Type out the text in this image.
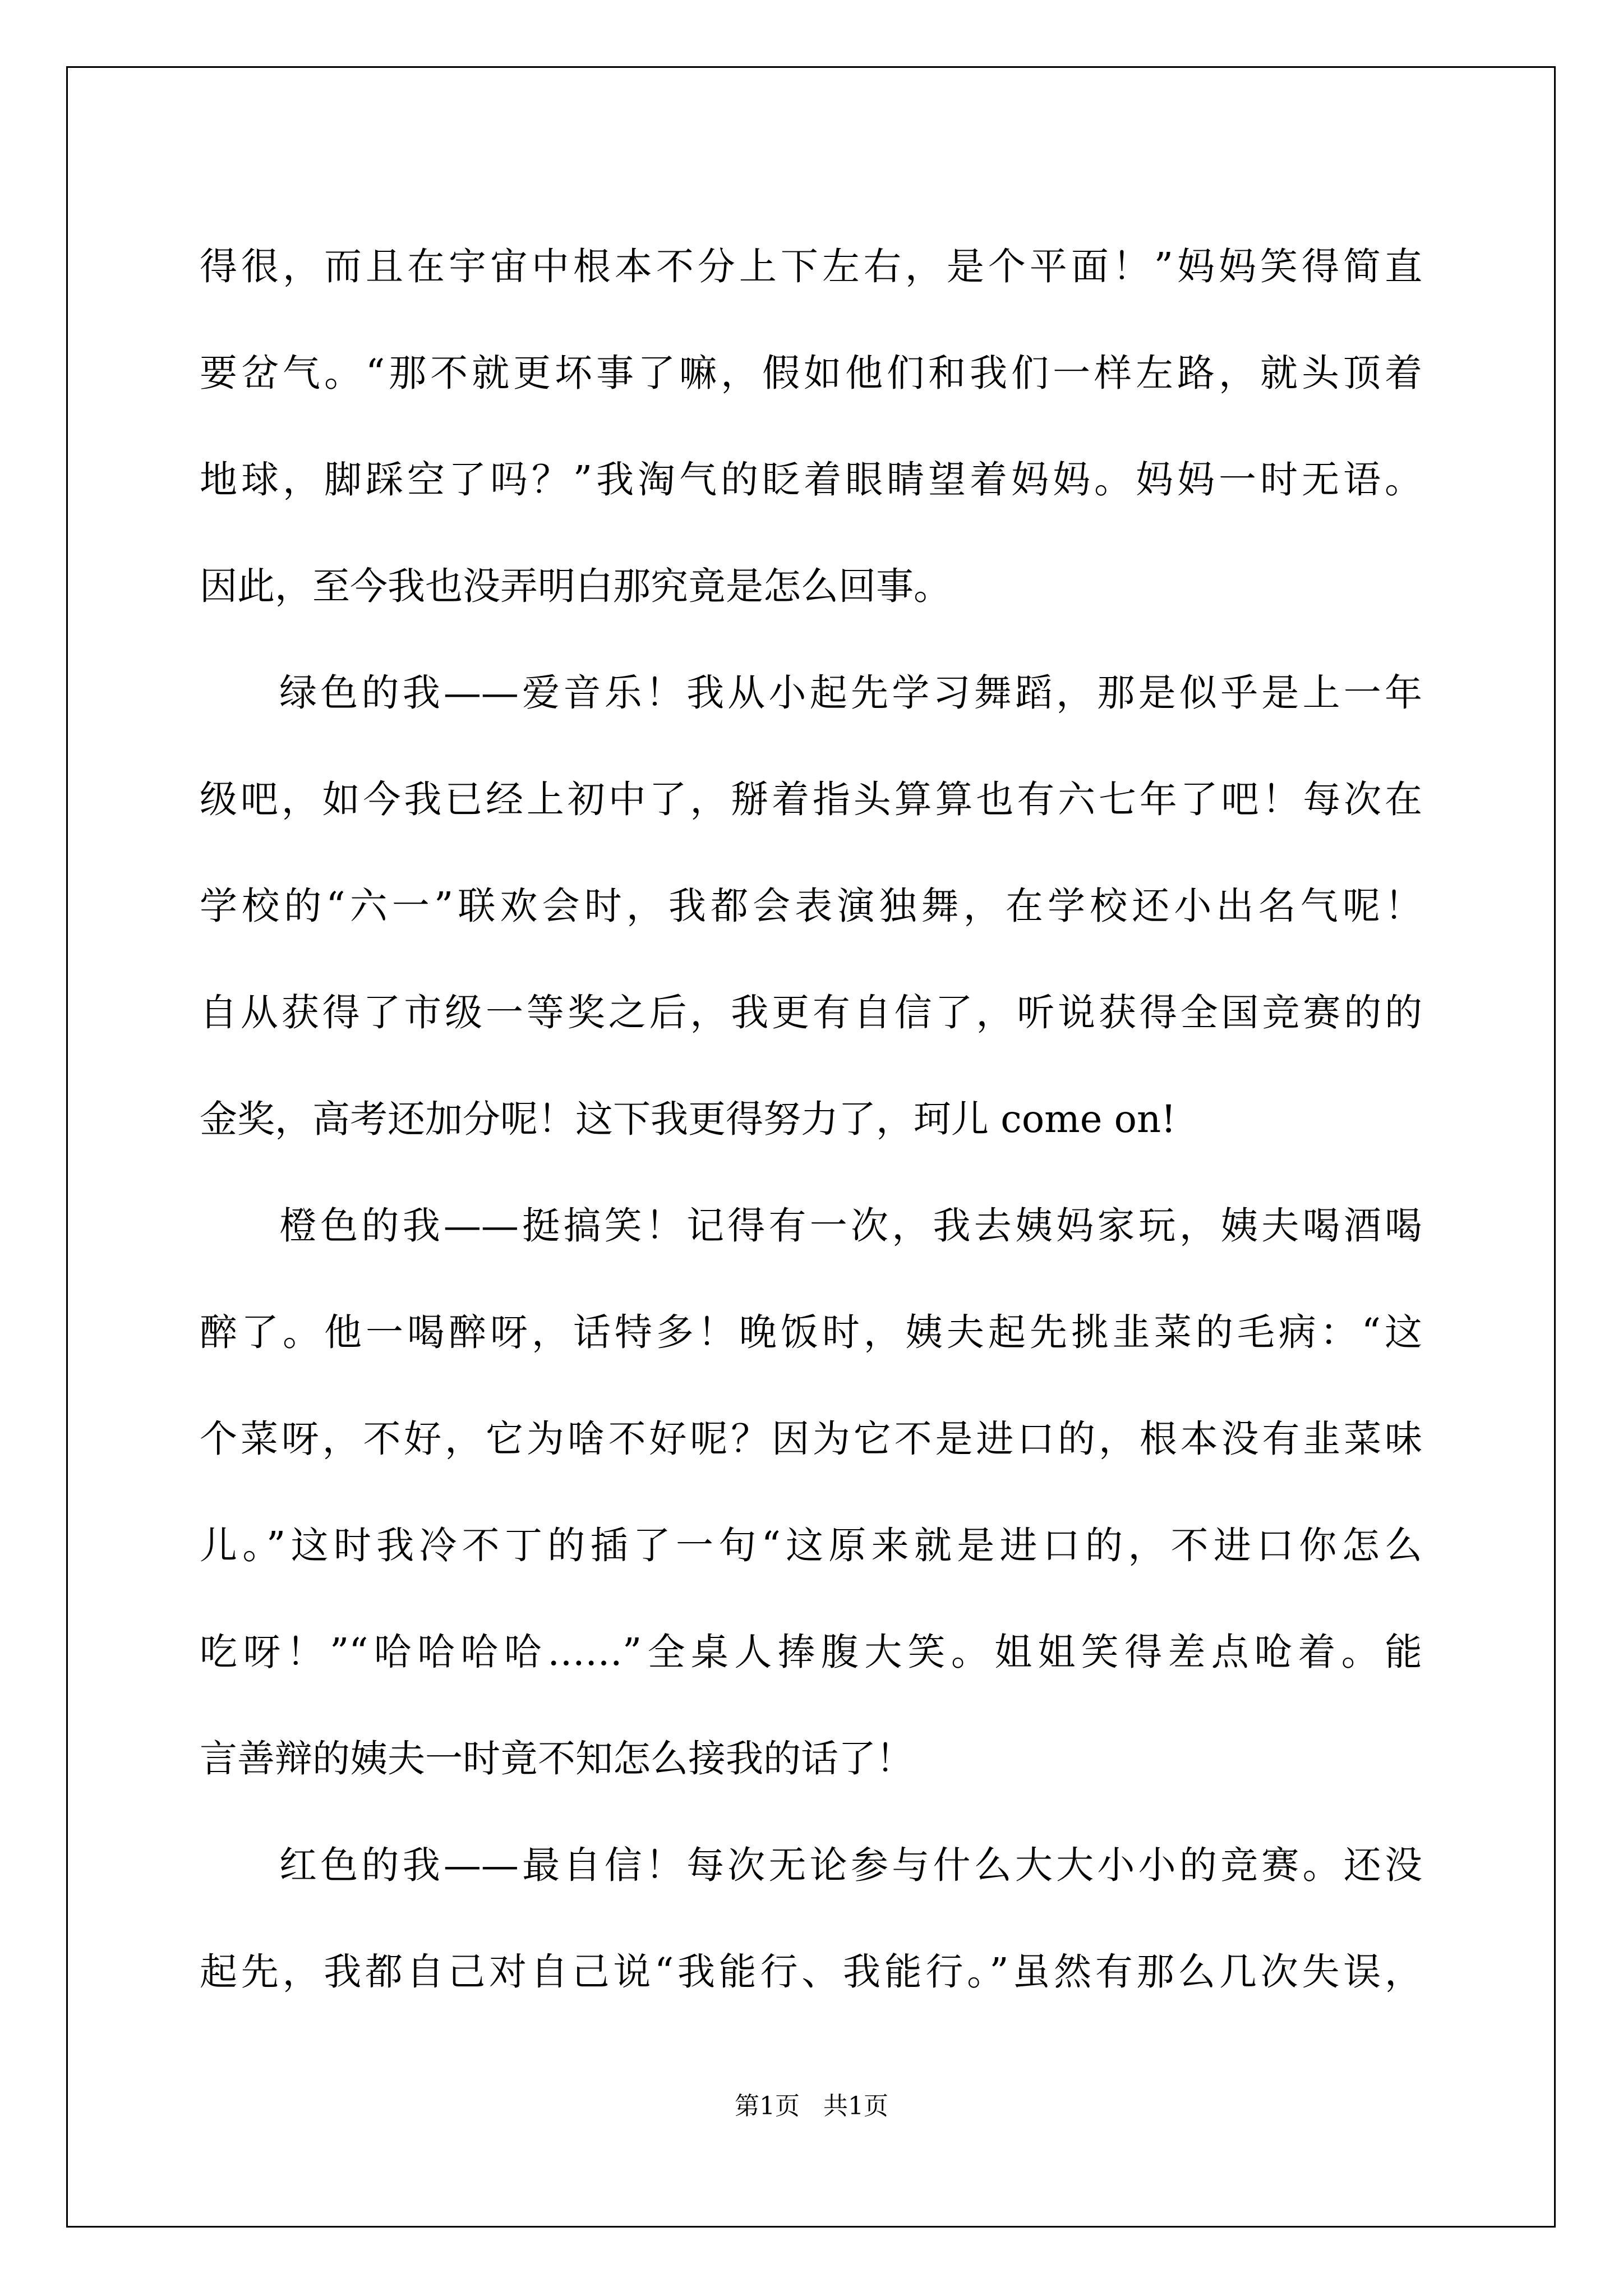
得很，而且在宇宙中根本不分上下左右，是个平面！”妈妈笑得简直
要岔气。“那不就更坏事了嘛，假如他们和我们一样左路，就头顶着
地球，脚踩空了吗？”我淘气的眨着眼睛望着妈妈。妈妈一时无语。
因此，至今我也没弄明白那究竟是怎么回事。
绿色的我——爱音乐！我从小起先学习舞蹈，那是似乎是上一年
级吧，如今我已经上初中了，掰着指头算算也有六七年了吧！每次在
学校的“六一”联欢会时，我都会表演独舞，在学校还小出名气呢！
自从获得了市级一等奖之后，我更有自信了，听说获得全国竞赛的的
金奖，高考还加分呢！这下我更得努力了，珂儿 come on!
橙色的我——挺搞笑！记得有一次，我去姨妈家玩，姨夫喝酒喝
醉了。他一喝醉呀，话特多！晚饭时，姨夫起先挑韭菜的毛病：“这
个菜呀，不好，它为啥不好呢？因为它不是进口的，根本没有韭菜味
儿。”这时我冷不丁的插了一句“这原来就是进口的，不进口你怎么
吃呀！”“哈哈哈哈……”全桌人捧腹大笑。姐姐笑得差点呛着。能
言善辩的姨夫一时竟不知怎么接我的话了！
红色的我——最自信！每次无论参与什么大大小小的竞赛。还没
起先，我都自己对自己说“我能行、我能行。”虽然有那么几次失误，
第1页   共1页
